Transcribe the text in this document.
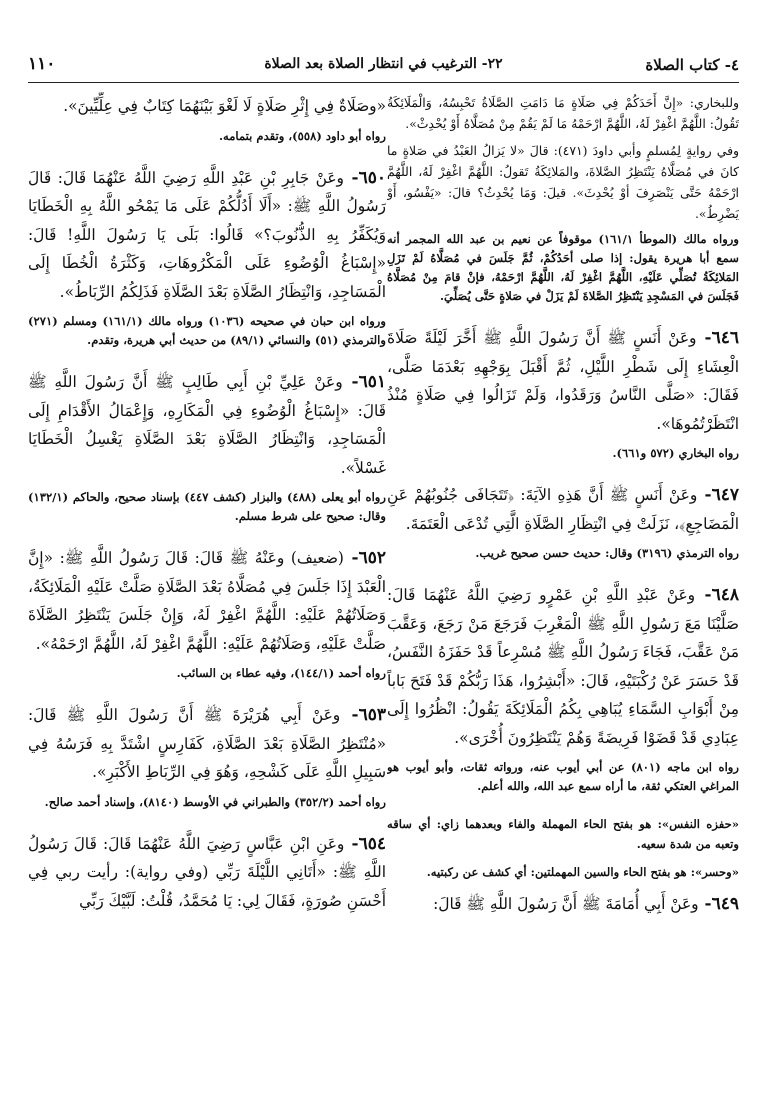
٤- كتاب الصلاة
٢٢- الترغيب في انتظار الصلاة بعد الصلاة
١١٠

وللبخاري: «إِنَّ أَحَدَكُمْ فِي صَلَاةٍ مَا دَامَتِ الصَّلَاةُ تَحْبِسُهُ، وَالْمَلَائِكَةُ تَقُولُ: اللَّهُمَّ اغْفِرْ لَهُ، اللَّهُمَّ ارْحَمْهُ مَا لَمْ يَقُمْ مِنْ مُصَلَّاهُ أَوْ يُحْدِثْ».

وفي روايةٍ لِمُسلمٍ وأبي داودَ (٤٧١): قالَ «لا يَزالُ العَبْدُ في صَلاةٍ ما كانَ في مُصَلَّاهُ يَنْتَظِرُ الصَّلاةَ، والمَلائِكَةُ تَقولُ: اللَّهُمَّ اغْفِرْ لَهُ، اللَّهُمَّ ارْحَمْهُ حَتَّى يَنْصَرِفَ أوْ يُحْدِثَ». قيلَ: وَمَا يُحْدِثُ؟ قالَ: «يَفْسُو، أَوْ يَضْرِطُ».

ورواه مالك (الموطأ ١٦١/١) موقوفاً عن نعيم بن عبد الله المجمر أنه سمع أبا هريرة يقول: إذا صلى أحَدُكُمْ، ثُمَّ جَلَسَ في مُصَلَّاهُ لَمْ تَزَلِ المَلائِكَةُ تُصَلِّي عَلَيْهِ، اللَّهُمَّ اغْفِرْ لَهُ، اللَّهُمَّ ارْحَمْهُ، فإنْ قامَ مِنْ مُصَلَّاهُ فَجَلَسَ في المَسْجِدِ يَنْتَظِرُ الصَّلاةَ لَمْ يَزَلْ في صَلاةٍ حَتَّى يُصَلِّيَ.

٦٤٦- وعَنْ أَنَسٍ ﷺ أَنَّ رَسُولَ اللَّهِ ﷺ أَخَّرَ لَيْلَةً صَلَاةَ الْعِشَاءِ إِلَى شَطْرِ اللَّيْلِ، ثُمَّ أَقْبَلَ بِوَجْهِهِ بَعْدَمَا صَلَّى، فَقَالَ: «صَلَّى النَّاسُ وَرَقَدُوا، وَلَمْ تَزَالُوا فِي صَلَاةٍ مُنْذُ انْتَظَرْتُمُوهَا».

رواه البخاري (٥٧٢ و٦٦١).

٦٤٧- وعَنْ أَنَسٍ ﷺ أَنَّ هَذِهِ الآيَةَ: ﴿تَتَجَافَى جُنُوبُهُمْ عَنِ الْمَضَاجِعِ﴾، نَزَلَتْ فِي انْتِظَارِ الصَّلَاةِ الَّتِي تُدْعَى الْعَتَمَةَ.

رواه الترمذي (٣١٩٦) وقال: حديث حسن صحيح غريب.

٦٤٨- وعَنْ عَبْدِ اللَّهِ بْنِ عَمْرٍو رَضِيَ اللَّهُ عَنْهُمَا قَالَ: صَلَّيْنَا مَعَ رَسُولِ اللَّهِ ﷺ الْمَغْرِبَ فَرَجَعَ مَنْ رَجَعَ، وَعَقَّبَ مَنْ عَقَّبَ، فَجَاءَ رَسُولُ اللَّهِ ﷺ مُسْرِعاً قَدْ حَفَزَهُ النَّفَسُ، قَدْ حَسَرَ عَنْ رُكْبَتَيْهِ، قَالَ: «أَبْشِرُوا، هَذَا رَبُّكُمْ قَدْ فَتَحَ بَاباً مِنْ أَبْوَابِ السَّمَاءِ يُبَاهِي بِكُمُ الْمَلَائِكَةَ يَقُولُ: انْظُرُوا إِلَى عِبَادِي قَدْ قَضَوْا فَرِيضَةً وَهُمْ يَنْتَظِرُونَ أُخْرَى».

رواه ابن ماجه (٨٠١) عن أبي أيوب عنه، ورواته ثقات، وأبو أيوب هو المراغي العتكي ثقة، ما أراه سمع عبد الله، والله أعلم.

«حفزه النفس»: هو بفتح الحاء المهملة والفاء وبعدهما زاي: أي ساقه وتعبه من شدة سعيه.

«وحسر»: هو بفتح الحاء والسين المهملتين: أي كشف عن ركبتيه.

٦٤٩- وعَنْ أَبِي أُمَامَةَ ﷺ أَنَّ رَسُولَ اللَّهِ ﷺ قَالَ:

«وصَلَاةٌ فِي إِثْرِ صَلَاةٍ لَا لَغْوَ بَيْنَهُمَا كِتَابٌ فِي عِلِّيِّينَ».

رواه أبو داود (٥٥٨)، وتقدم بتمامه.

٦٥٠- وعَنْ جَابِرِ بْنِ عَبْدِ اللَّهِ رَضِيَ اللَّهُ عَنْهُمَا قَالَ: قَالَ رَسُولُ اللَّهِ ﷺ: «أَلَا أَدُلُّكُمْ عَلَى مَا يَمْحُو اللَّهُ بِهِ الْخَطَايَا وَيُكَفِّرُ بِهِ الذُّنُوبَ؟» قَالُوا: بَلَى يَا رَسُولَ اللَّهِ! قَالَ: «إِسْبَاغُ الْوُضُوءِ عَلَى الْمَكْرُوهَاتِ، وَكَثْرَةُ الْخُطَا إِلَى الْمَسَاجِدِ، وَانْتِظَارُ الصَّلَاةِ بَعْدَ الصَّلَاةِ فَذَلِكُمُ الرِّبَاطُ».

ورواه ابن حبان في صحيحه (١٠٣٦) ورواه مالك (١٦١/١) ومسلم (٢٧١) والترمذي (٥١) والنسائي (٨٩/١) من حديث أبي هريرة، وتقدم.

٦٥١- وعَنْ عَلِيِّ بْنِ أَبِي طَالِبٍ ﷺ أَنَّ رَسُولَ اللَّهِ ﷺ قَالَ: «إِسْبَاغُ الْوُضُوءِ فِي الْمَكَارِهِ، وَإِعْمَالُ الأَقْدَامِ إِلَى الْمَسَاجِدِ، وَانْتِظَارُ الصَّلَاةِ بَعْدَ الصَّلَاةِ يَغْسِلُ الْخَطَايَا غَسْلاً».

رواه أبو يعلى (٤٨٨) والبزار (كشف ٤٤٧) بإسناد صحيح، والحاكم (١٣٢/١) وقال: صحيح على شرط مسلم.

٦٥٢- (ضعيف) وعَنْهُ ﷺ قَالَ: قَالَ رَسُولُ اللَّهِ ﷺ: «إِنَّ الْعَبْدَ إِذَا جَلَسَ فِي مُصَلَّاهُ بَعْدَ الصَّلَاةِ صَلَّتْ عَلَيْهِ الْمَلَائِكَةُ، وَصَلَاتُهُمْ عَلَيْهِ: اللَّهُمَّ اغْفِرْ لَهُ، وَإِنْ جَلَسَ يَنْتَظِرُ الصَّلَاةَ صَلَّتْ عَلَيْهِ، وَصَلَاتُهُمْ عَلَيْهِ: اللَّهُمَّ اغْفِرْ لَهُ، اللَّهُمَّ ارْحَمْهُ».

رواه أحمد (١٤٤/١)، وفيه عطاء بن السائب.

٦٥٣- وعَنْ أَبِي هُرَيْرَةَ ﷺ أَنَّ رَسُولَ اللَّهِ ﷺ قَالَ: «مُنْتَظِرُ الصَّلَاةِ بَعْدَ الصَّلَاةِ، كَفَارِسٍ اشْتَدَّ بِهِ فَرَسُهُ فِي سَبِيلِ اللَّهِ عَلَى كَشْحِهِ، وَهُوَ فِي الرِّبَاطِ الأَكْبَرِ».

رواه أحمد (٣٥٢/٢) والطبراني في الأوسط (٨١٤٠)، وإسناد أحمد صالح.

٦٥٤- وعَنِ ابْنِ عَبَّاسٍ رَضِيَ اللَّهُ عَنْهُمَا قَالَ: قَالَ رَسُولُ اللَّهِ ﷺ: «أَتَانِي اللَّيْلَةَ رَبِّي (وفي رواية): رأيت ربي فِي أَحْسَنِ صُورَةٍ، فَقَالَ لِي: يَا مُحَمَّدُ، قُلْتُ: لَبَّيْكَ رَبِّي
